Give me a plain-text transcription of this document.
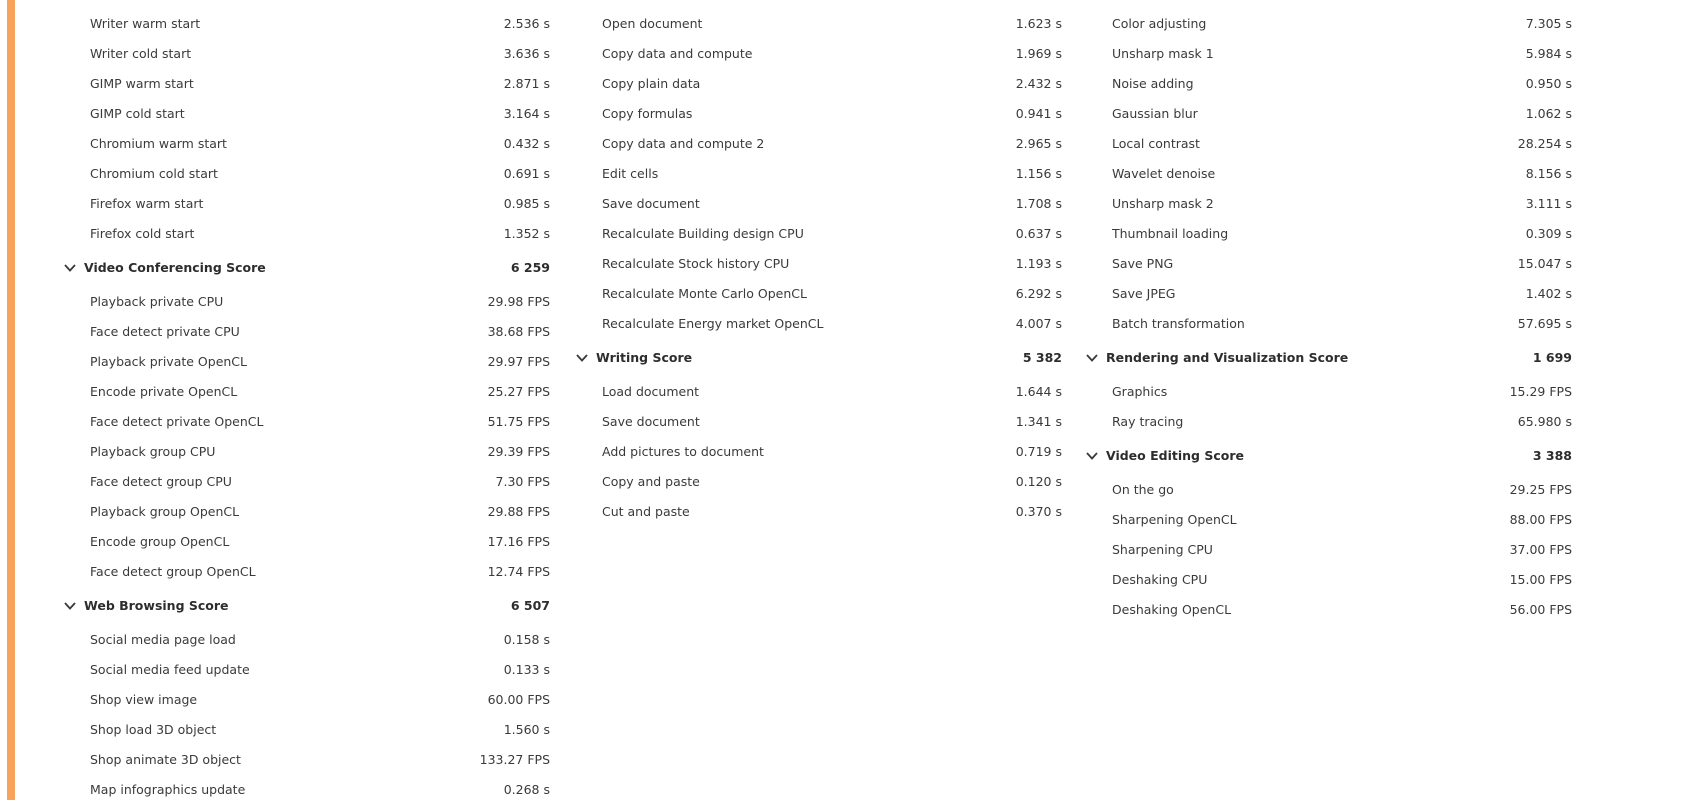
Writer warm start	2.536 s
Writer cold start	3.636 s
GIMP warm start	2.871 s
GIMP cold start	3.164 s
Chromium warm start	0.432 s
Chromium cold start	0.691 s
Firefox warm start	0.985 s
Firefox cold start	1.352 s
Video Conferencing Score	6 259
Playback private CPU	29.98 FPS
Face detect private CPU	38.68 FPS
Playback private OpenCL	29.97 FPS
Encode private OpenCL	25.27 FPS
Face detect private OpenCL	51.75 FPS
Playback group CPU	29.39 FPS
Face detect group CPU	7.30 FPS
Playback group OpenCL	29.88 FPS
Encode group OpenCL	17.16 FPS
Face detect group OpenCL	12.74 FPS
Web Browsing Score	6 507
Social media page load	0.158 s
Social media feed update	0.133 s
Shop view image	60.00 FPS
Shop load 3D object	1.560 s
Shop animate 3D object	133.27 FPS
Map infographics update	0.268 s
Open document	1.623 s
Copy data and compute	1.969 s
Copy plain data	2.432 s
Copy formulas	0.941 s
Copy data and compute 2	2.965 s
Edit cells	1.156 s
Save document	1.708 s
Recalculate Building design CPU	0.637 s
Recalculate Stock history CPU	1.193 s
Recalculate Monte Carlo OpenCL	6.292 s
Recalculate Energy market OpenCL	4.007 s
Writing Score	5 382
Load document	1.644 s
Save document	1.341 s
Add pictures to document	0.719 s
Copy and paste	0.120 s
Cut and paste	0.370 s
Color adjusting	7.305 s
Unsharp mask 1	5.984 s
Noise adding	0.950 s
Gaussian blur	1.062 s
Local contrast	28.254 s
Wavelet denoise	8.156 s
Unsharp mask 2	3.111 s
Thumbnail loading	0.309 s
Save PNG	15.047 s
Save JPEG	1.402 s
Batch transformation	57.695 s
Rendering and Visualization Score	1 699
Graphics	15.29 FPS
Ray tracing	65.980 s
Video Editing Score	3 388
On the go	29.25 FPS
Sharpening OpenCL	88.00 FPS
Sharpening CPU	37.00 FPS
Deshaking CPU	15.00 FPS
Deshaking OpenCL	56.00 FPS
